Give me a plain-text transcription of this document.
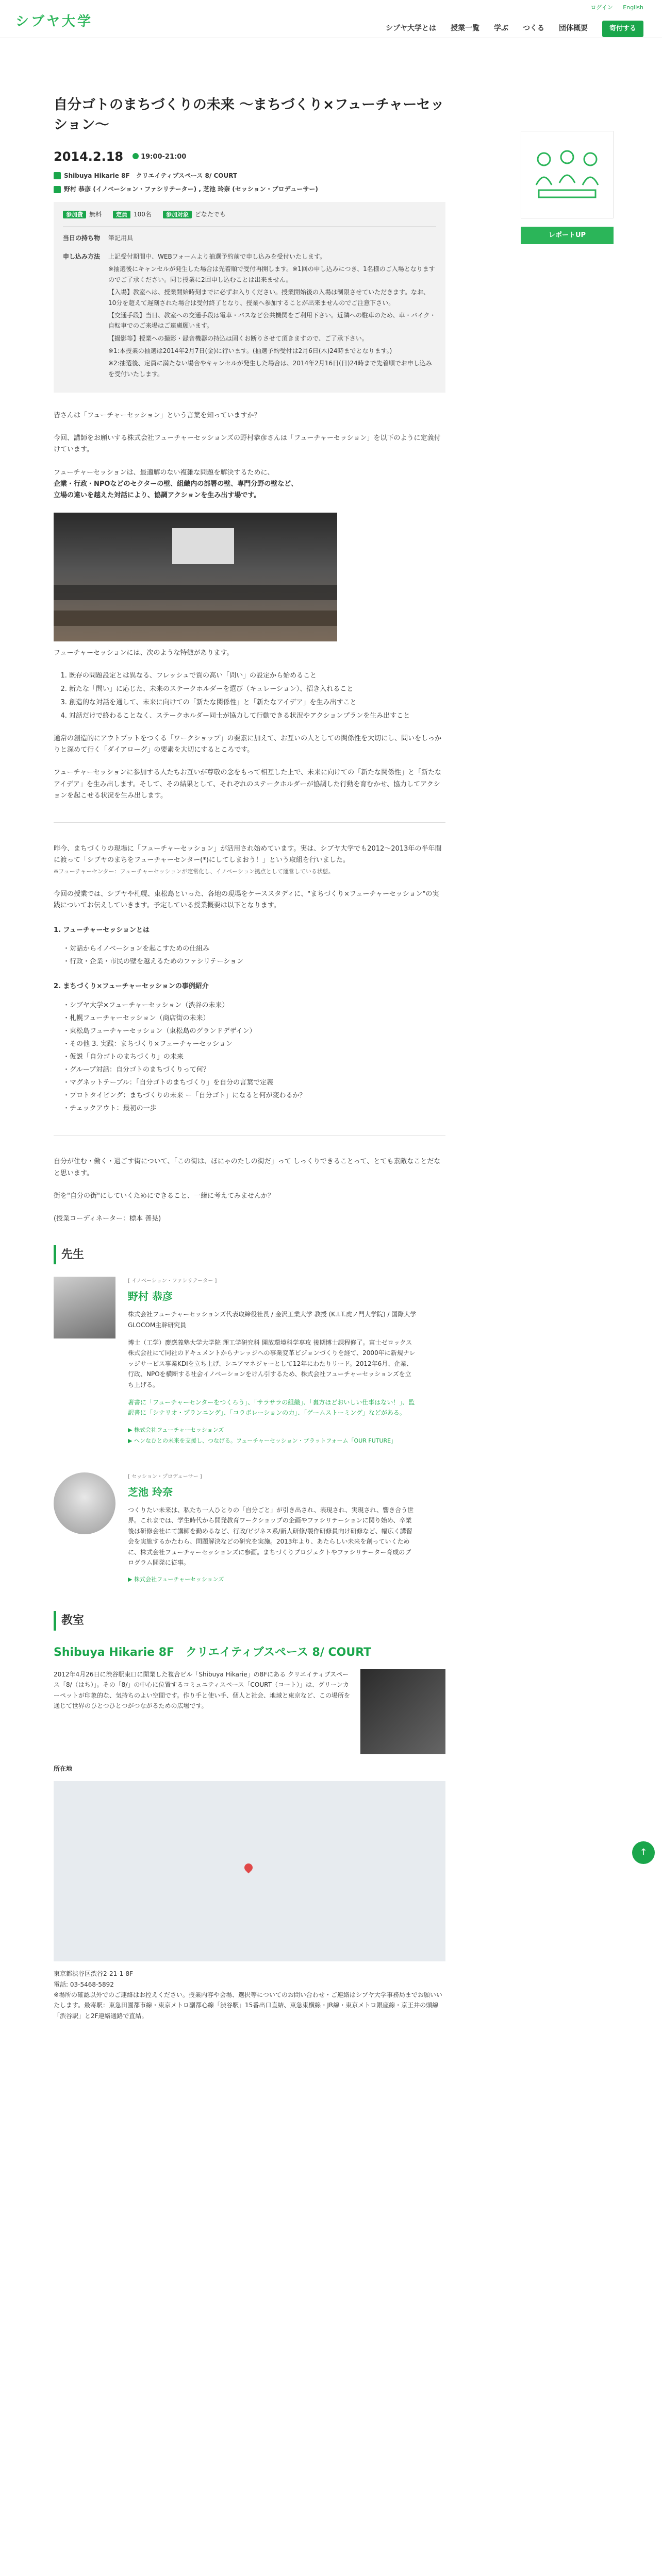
シブヤ大学
ログイン English
シブヤ大学とは 授業一覧 学ぶ つくる 団体概要	寄付する
自分ゴトのまちづくりの未来 〜まちづくり×フューチャーセッション〜
2014.2.18	19:00-21:00
Shibuya Hikarie 8F　クリエイティブスペース 8/ COURT
野村 恭彦 (イノベーション・ファシリテーター) , 芝池 玲奈 (セッション・プロデューサー)
参加費 無料	定員 100名	参加対象 どなたでも
当日の持ち物	筆記用具

申し込み方法	上記受付期間中、WEBフォームより抽選予約前で申し込みを受付いたします。

※抽選後にキャンセルが発生した場合は先着順で受付再開します。※1回の申し込みにつき、1名様のご入場となりますのでご了承ください。同じ授業に2回申し込むことは出来ません。

【入場】教室へは、授業開始時刻までに必ずお入りください。授業開始後の入場は制限させていただきます。なお、10分を超えて遅刻された場合は受付終了となり、授業へ参加することが出来ませんのでご注意下さい。

【交通手段】当日、教室への交通手段は電車・バスなど公共機関をご利用下さい。近隣への駐車のため、車・バイク・自転車でのご来場はご遠慮願います。

【撮影等】授業への撮影・録音機器の持込は固くお断りさせて頂きますので、ご了承下さい。

※1:本授業の抽選は2014年2月7日(金)に行います。(抽選予約受付は2月6日(木)24時までとなります。)

※2:抽選後、定員に満たない場合やキャンセルが発生した場合は、2014年2月16日(日)24時まで先着順でお申し込みを受付いたします。

皆さんは「フューチャーセッション」という言葉を知っていますか？

今回、講師をお願いする株式会社フューチャーセッションズの野村恭彦さんは「フューチャーセッション」を以下のように定義付けています。

フューチャーセッションは、最適解のない複雑な問題を解決するために、
企業・行政・NPOなどのセクターの壁、組織内の部署の壁、専門分野の壁など、
立場の違いを越えた対話により、協調アクションを生み出す場です。

フューチャーセッションには、次のような特徴があります。

1. 既存の問題設定とは異なる、フレッシュで質の高い「問い」の設定から始めること
2. 新たな「問い」に応じた、未来のステークホルダーを選び（キュレーション）、招き入れること
3. 創造的な対話を通して、未来に向けての「新たな関係性」と「新たなアイデア」を生み出すこと
4. 対話だけで終わることなく、ステークホルダー同士が協力して行動できる状況やアクションプランを生み出すこと

通常の創造的にアウトプットをつくる「ワークショップ」の要素に加えて、お互いの人としての関係性を大切にし、問いをしっかりと深めて行く「ダイアローグ」の要素を大切にするところです。

フューチャーセッションに参加する人たちお互いが尊敬の念をもって相互した上で、未来に向けての「新たな関係性」と「新たなアイデア」を生み出します。そして、その結果として、それぞれのステークホルダーが協調した行動を育むかせ、協力してアクションを起こせる状況を生み出します。

昨今、まちづくりの現場に「フューチャーセッション」が活用され始めています。実は、シブヤ大学でも2012〜2013年の半年間に渡って「シブヤのまちをフューチャーセンター(*)にしてしまおう！」という取組を行いました。
※フューチャーセンター：フューチャーセッションが定常化し、イノベーション拠点として運営している状態。

今回の授業では、シブヤや札幌、東松島といった、各地の現場をケーススタディに、"まちづくり×フューチャーセッション"の実践についてお伝えしていきます。予定している授業概要は以下となります。

1. フューチャーセッションとは
・対話からイノベーションを起こすための仕組み
・行政・企業・市民の壁を越えるためのファシリテーション
2. まちづくり×フューチャーセッションの事例紹介
・シブヤ大学×フューチャーセッション（渋谷の未来）
・札幌フューチャーセッション（商店街の未来）
・東松島フューチャーセッション（東松島のグランドデザイン）
・その他 3. 実践：まちづくり×フューチャーセッション
・仮説「自分ゴトのまちづくり」の未来
・グループ対話：自分ゴトのまちづくりって何？
・マグネットテーブル：「自分ゴトのまちづくり」を自分の言葉で定義
・プロトタイピング：まちづくりの未来 ー「自分ゴト」になると何が変わるか？
・チェックアウト：最初の一歩

自分が住む・働く・過ごす街について、「この街は、ほにゃのたしの街だ」って しっくりできることって、とても素敵なことだなと思います。

街を"自分の街"にしていくためにできること、一緒に考えてみませんか？

(授業コーディネーター：標本 善晃)

先生
[ イノベーション・ファシリテーター ]
野村 恭彦
株式会社フューチャーセッションズ代表取締役社長 / 金沢工業大学 教授 (K.I.T.虎ノ門大学院) / 国際大学GLOCOM主幹研究員

博士（工学）慶應義塾大学大学院 理工学研究科 開放環境科学専攻 後期博士課程修了。富士ゼロックス株式会社にて同社のドキュメントからナレッジへの事業変革ビジョンづくりを経て、2000年に新規ナレッジサービス事業KDIを立ち上げ、シニアマネジャーとして12年にわたりリード。2012年6月、企業、行政、NPOを横断する社会イノベーションをけん引するため、株式会社フューチャーセッションズを立ち上げる。

著書に「フューチャーセンターをつくろう」、「サラサラの組織」、「裏方ほどおいしい仕事はない！」、監訳書に「シナリオ・プランニング」、「コラボレーションの力」、「ゲームストーミング」などがある。

▶ 株式会社フューチャーセッションズ
▶ ヘンなひとの未来を支援し、つなげる。フューチャーセッション・プラットフォーム「OUR FUTURE」
[ セッション・プロデューサー ]
芝池 玲奈

つくりたい未来は、私たち一人ひとりの「自分ごと」が引き出され、表現され、実現され、響き合う世界。これまでは、学生時代から開発教育ワークショップの企画やファシリテーションに関り始め、卒業後は研修会社にて講師を勤めるなど、行政/ビジネス系/新人研修/製作研修員向け研修など、幅広く講習会を実施するかたわら、問題解決などの研究を実施。2013年より、あたらしい未来を創っていくために、株式会社フューチャーセッションズに参画。まちづくりプロジェクトやファシリテーター育成のプログラム開発に従事。

▶ 株式会社フューチャーセッションズ
教室
Shibuya Hikarie 8F　クリエイティブスペース 8/ COURT

2012年4月26日に渋谷駅東口に開業した複合ビル「Shibuya Hikarie」の8Fにある クリエイティブスペース「8/（はち）」。その「8/」の中心に位置するコミュニティスペース「COURT（コート）」は、グリーンカーペットが印象的な、気持ちのよい空間です。作り手と使い手、個人と社会、地域と東京など、この場所を通じて世界のひとつひとつがつながるための広場です。

所在地
東京都渋谷区渋谷2-21-1-8F
電話: 03-5468-5892
※場所の確認以外でのご連絡はお控えください。授業内容や会場、選択等についてのお問い合わせ・ご連絡はシブヤ大学事務局までお願いいたします。最寄駅：東急田園都市線・東京メトロ副都心線「渋谷駅」15番出口直結、東急東横線・JR線・東京メトロ銀座線・京王井の頭線「渋谷駅」と2F連絡通路で直結。
レポートUP
↑
